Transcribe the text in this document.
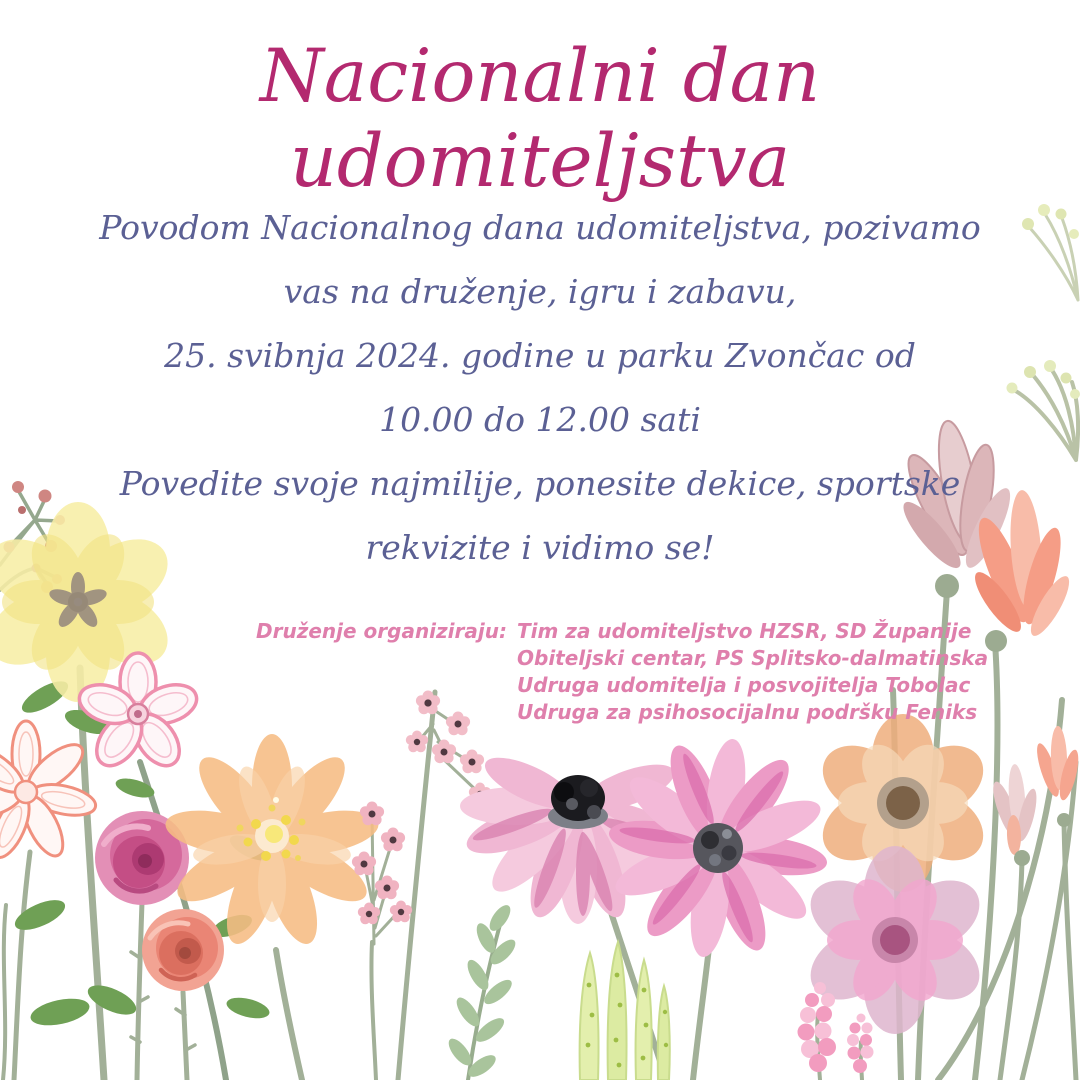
Nacionalni dan udomiteljstva
Povodom Nacionalnog dana udomiteljstva, pozivamo
vas na druženje, igru i zabavu,
25. svibnja 2024. godine u parku Zvončac od
10.00 do 12.00 sati
Povedite svoje najmilije, ponesite dekice, sportske
rekvizite i vidimo se!
Druženje organiziraju: Tim za udomiteljstvo HZSR, SD Županije
Obiteljski centar, PS Splitsko-dalmatinska
Udruga udomitelja i posvojitelja Tobolac
Udruga za psihosocijalnu podršku Feniks
